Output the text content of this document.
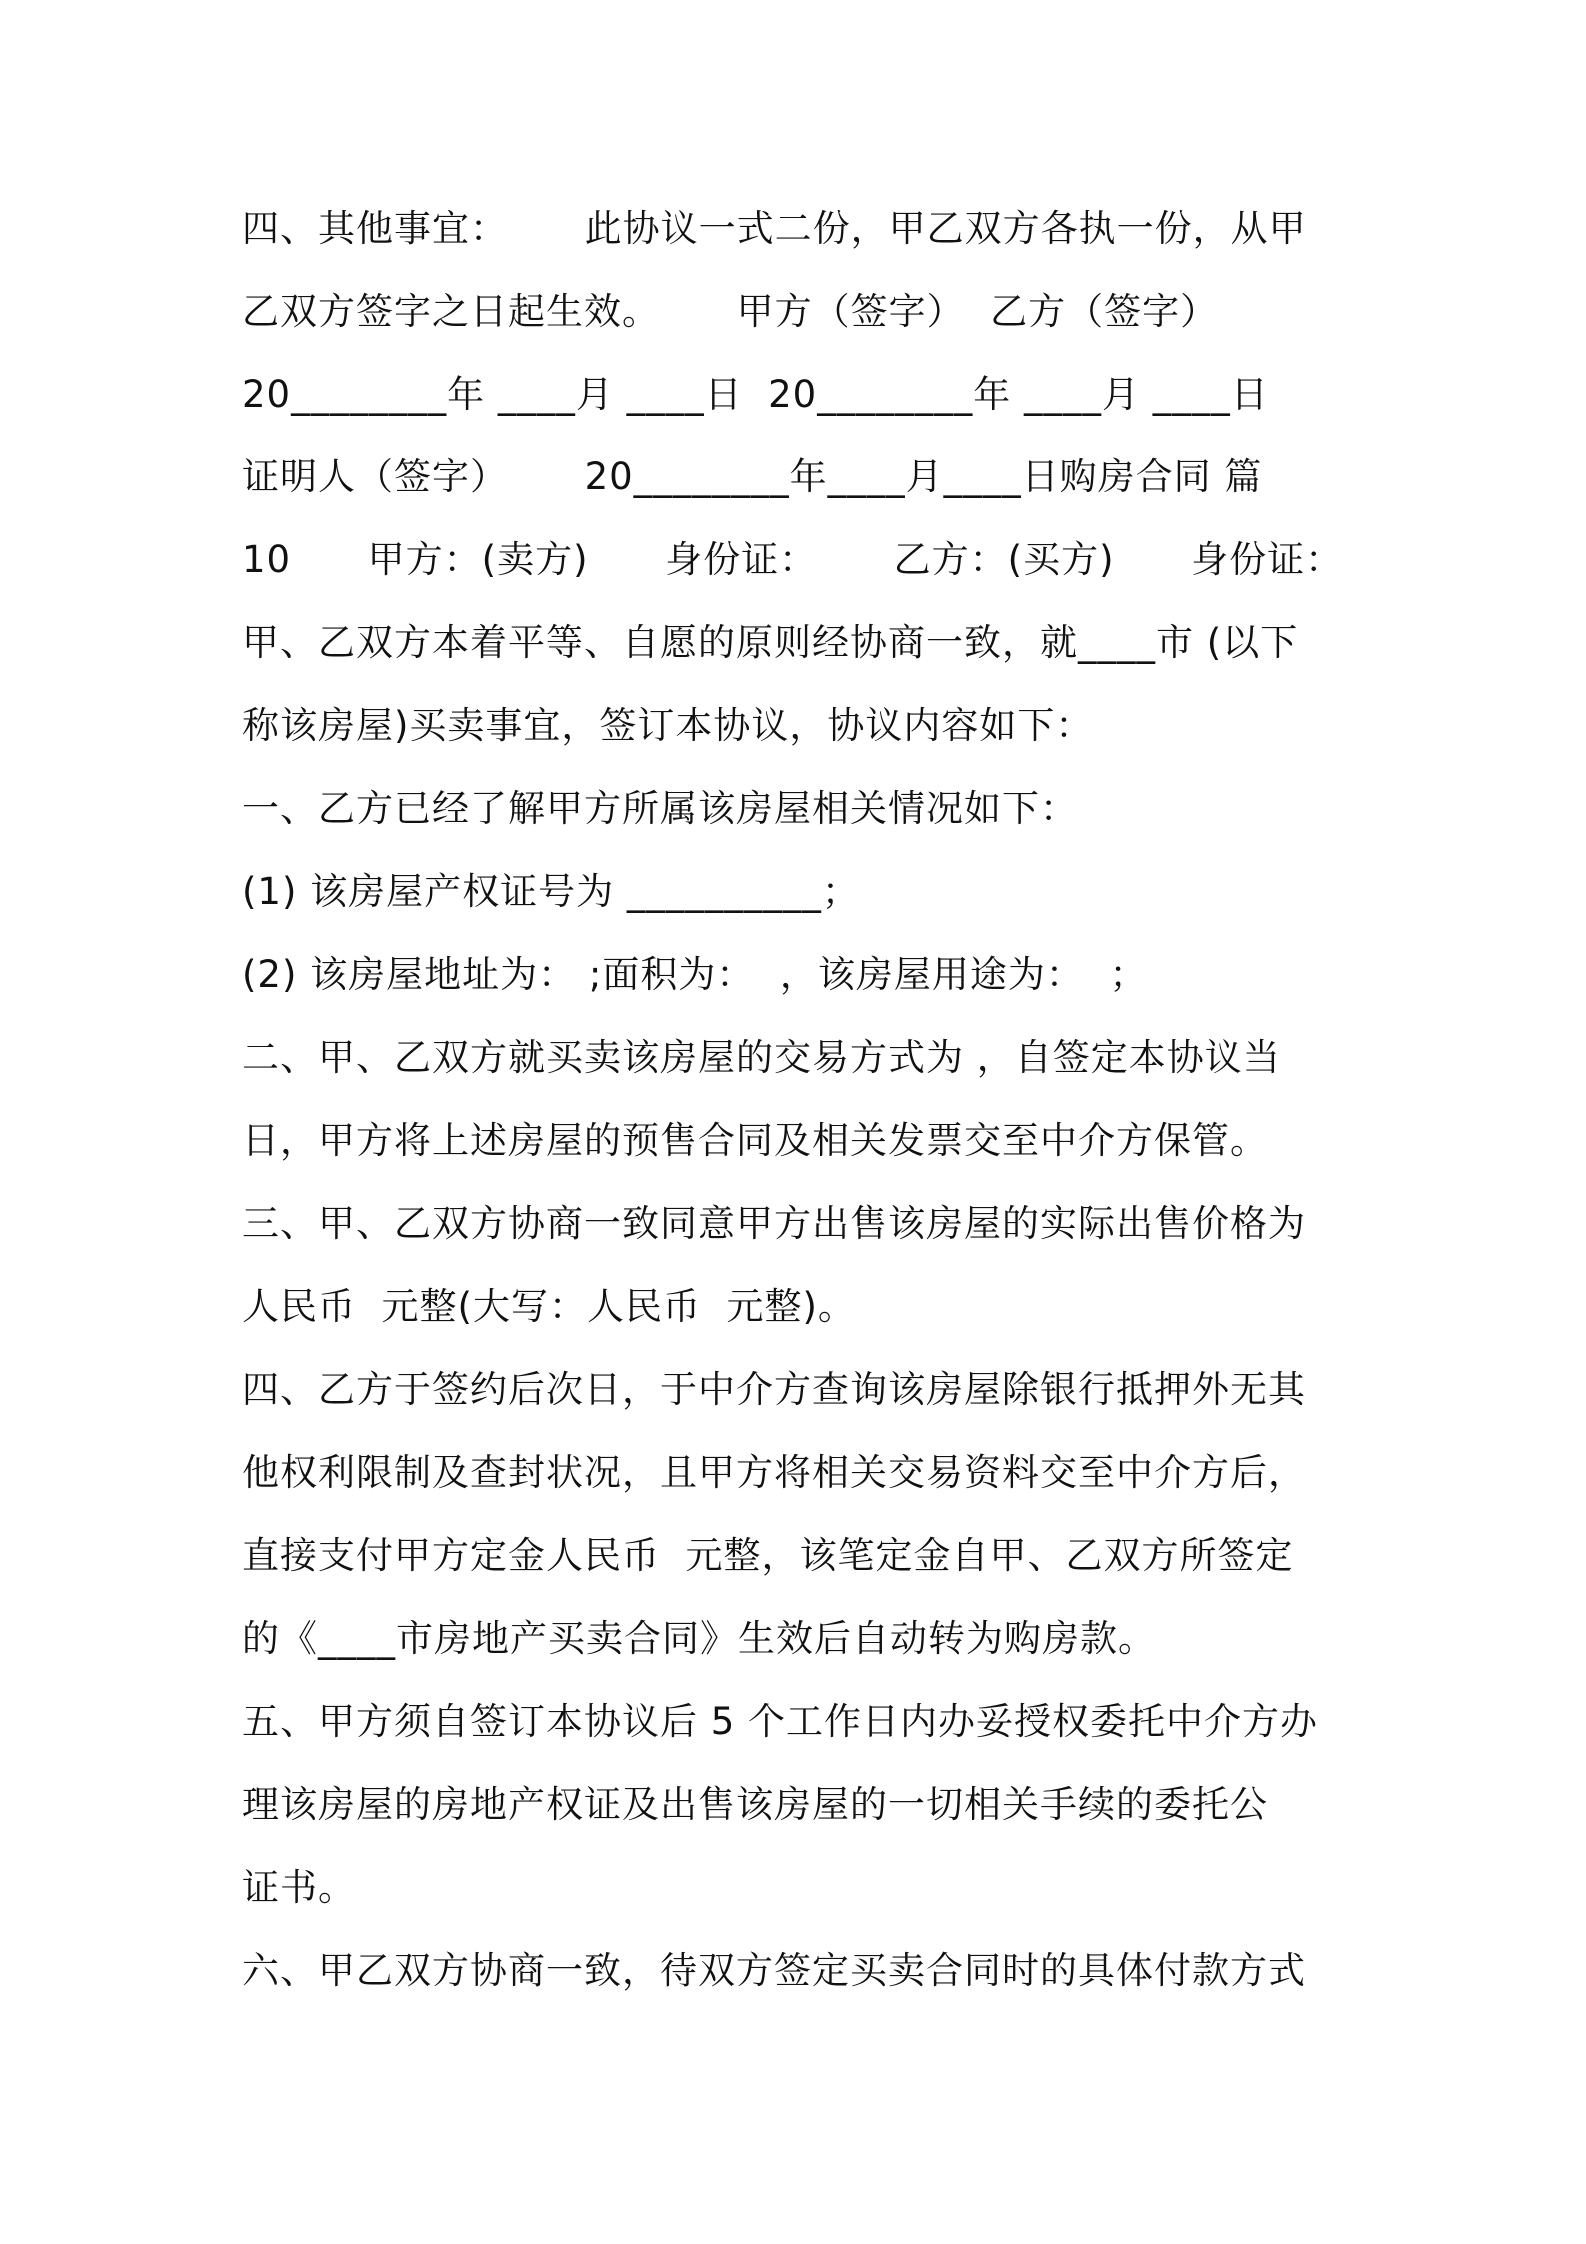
四、其他事宜：      此协议一式二份，甲乙双方各执一份，从甲
乙双方签字之日起生效。      甲方（签字）  乙方（签字）
20________年 ____月 ____日  20________年 ____月 ____日
证明人（签字）      20________年____月____日购房合同 篇
10      甲方：(卖方)      身份证：      乙方：(买方)      身份证：
甲、乙双方本着平等、自愿的原则经协商一致，就____市 (以下
称该房屋)买卖事宜，签订本协议，协议内容如下：
一、乙方已经了解甲方所属该房屋相关情况如下：
(1) 该房屋产权证号为 __________；
(2) 该房屋地址为： ;面积为：  ，该房屋用途为：  ；
二、甲、乙双方就买卖该房屋的交易方式为 ，自签定本协议当
日，甲方将上述房屋的预售合同及相关发票交至中介方保管。
三、甲、乙双方协商一致同意甲方出售该房屋的实际出售价格为
人民币  元整(大写：人民币  元整)。
四、乙方于签约后次日，于中介方查询该房屋除银行抵押外无其
他权利限制及查封状况，且甲方将相关交易资料交至中介方后，
直接支付甲方定金人民币  元整，该笔定金自甲、乙双方所签定
的《____市房地产买卖合同》生效后自动转为购房款。
五、甲方须自签订本协议后 5 个工作日内办妥授权委托中介方办
理该房屋的房地产权证及出售该房屋的一切相关手续的委托公
证书。
六、甲乙双方协商一致，待双方签定买卖合同时的具体付款方式
